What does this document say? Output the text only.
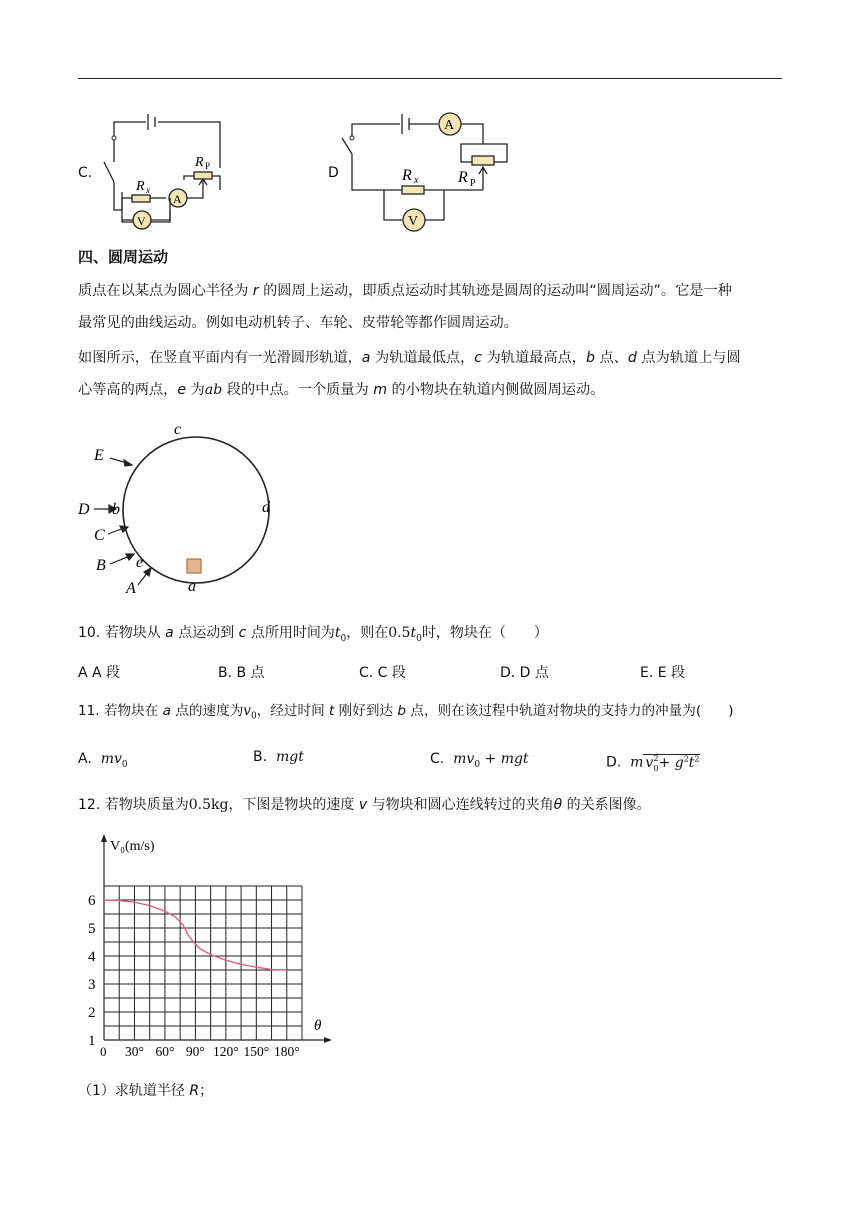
C.
R P
R x
A
V
D	R x R P
A
V
四、圆周运动
质点在以某点为圆心半径为 r 的圆周上运动，即质点运动时其轨迹是圆周的运动叫“圆周运动”。它是一种
最常见的曲线运动。例如电动机转子、车轮、皮带轮等都作圆周运动。
如图所示，在竖直平面内有一光滑圆形轨道，a 为轨道最低点，c 为轨道最高点，b 点、d 点为轨道上与圆
心等高的两点，e 为ab 段的中点。一个质量为 m 的小物块在轨道内侧做圆周运动。
c
d
b
a
e
A
B
C
D
E
10. 若物块从 a 点运动到 c 点所用时间为$t_0$，则在$0.5t_0$时，物块在（　　）
A A 段	B. B 点	C. C 段	D. D 点	E. E 段
11. 若物块在 a 点的速度为$v_0$，经过时间 t 刚好到达 b 点，则在该过程中轨道对物块的支持力的冲量为(　　)
A. $mv_0$	B. mgt	C. $mv_0$ + mgt	D. m $v_0^2+ g^2t^2$
12. 若物块质量为0.5kg，下图是物块的速度 v 与物块和圆心连线转过的夹角θ 的关系图像。
1
2
3
4
5
6
30° 60° 90° 120° 150° 180°
V₀(m/s)
θ
0
（1）求轨道半径 R；
